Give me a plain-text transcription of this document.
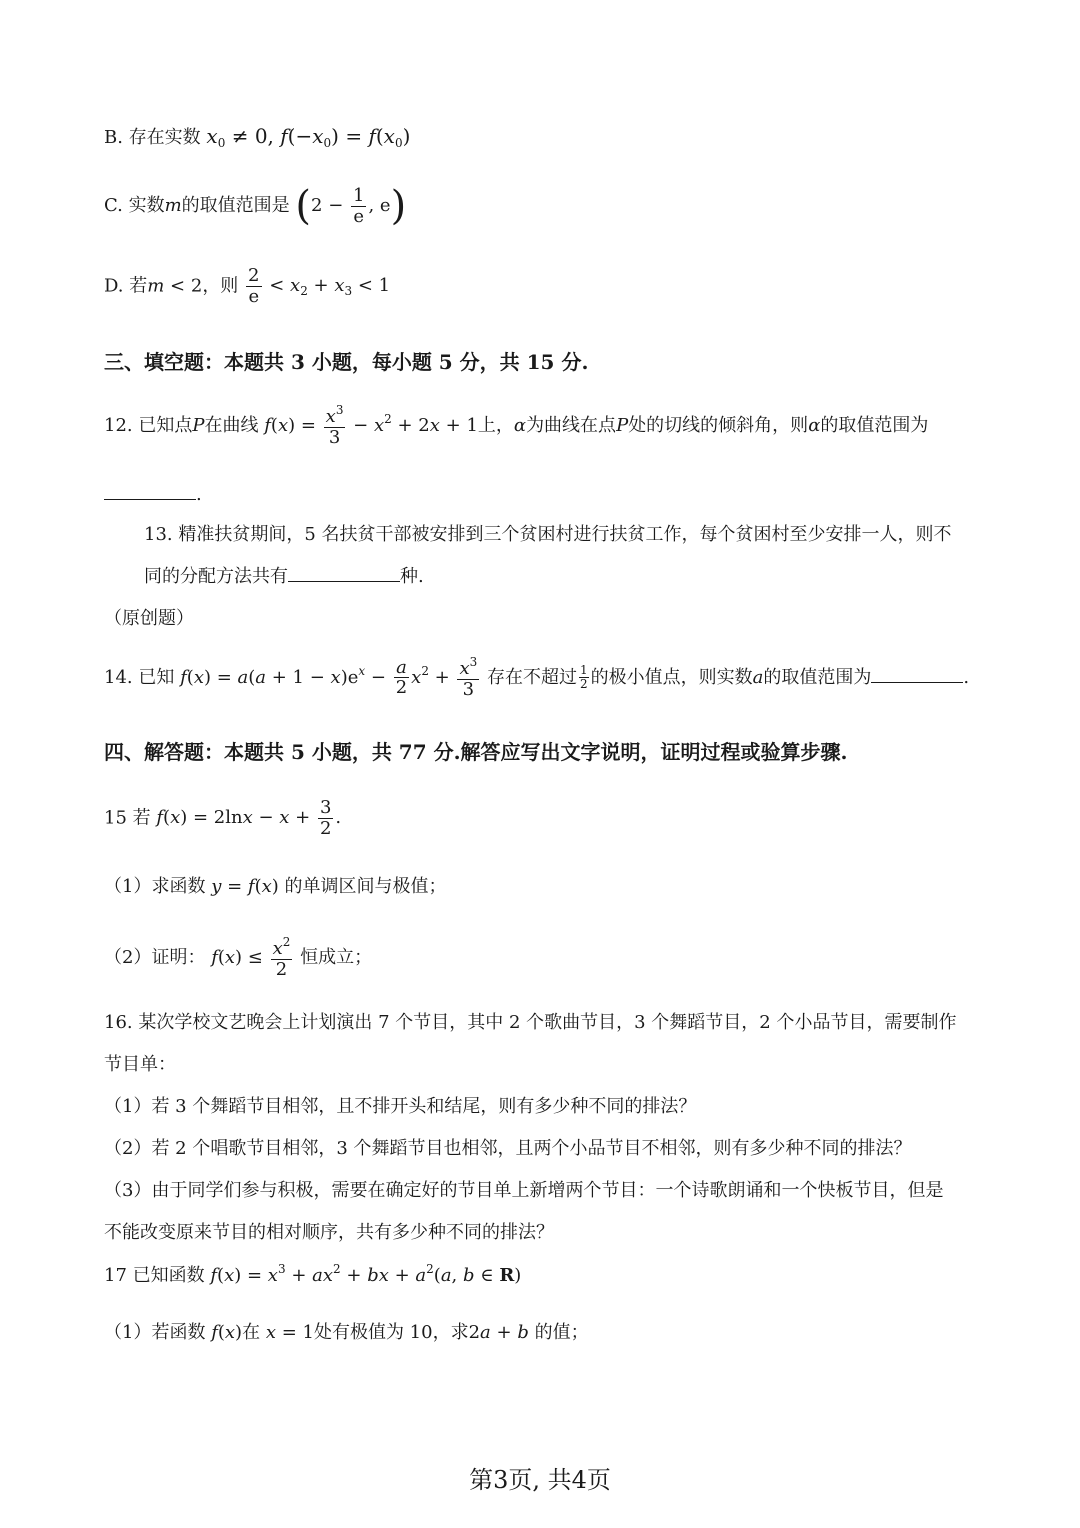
B. 存在实数 $x_0 \ne 0$, $f(-x_0) = f(x_0)$
C. 实数m的取值范围是 ($2 - \frac{1}{e}$ , e)
D. 若m < 2，则 $\frac{2}{e} < x_2 + x_3 < 1$
三、填空题：本题共 3 小题，每小题 5 分，共 15 分.
12. 已知点P在曲线 $f(x) = \frac{x^3}{3} - x^2 + 2x + 1$上，α为曲线在点P处的切线的倾斜角，则α的取值范围为
.
13. 精准扶贫期间，5 名扶贫干部被安排到三个贫困村进行扶贫工作，每个贫困村至少安排一人，则不
同的分配方法共有	种.
（原创题）
14. 已知 $f(x) = a(a + 1 - x)e^x - \frac{a}{2} x^2 + \frac{x^3}{3}$ 存在不超过 $\frac{1}{2}$ 的极小值点，则实数a的取值范围为	.
四、解答题：本题共 5 小题，共 77 分.解答应写出文字说明，证明过程或验算步骤.
15 若 $f(x) = 2\ln x - x + \frac{3}{2}$ .
（1）求函数 y = f(x) 的单调区间与极值；
（2）证明： $f(x) \le \frac{x^2}{2}$ 恒成立；
16. 某次学校文艺晚会上计划演出 7 个节目，其中 2 个歌曲节目，3 个舞蹈节目，2 个小品节目，需要制作
节目单：
（1）若 3 个舞蹈节目相邻，且不排开头和结尾，则有多少种不同的排法？
（2）若 2 个唱歌节目相邻，3 个舞蹈节目也相邻，且两个小品节目不相邻，则有多少种不同的排法？
（3）由于同学们参与积极，需要在确定好的节目单上新增两个节目：一个诗歌朗诵和一个快板节目，但是
不能改变原来节目的相对顺序，共有多少种不同的排法？
17 已知函数 $f(x) = x^3 + ax^2$ + bx + $a^2(a$, b ∈ R)
（1）若函数 f(x)在 x = 1处有极值为 10，求2a + b 的值；
第3页, 共4页
